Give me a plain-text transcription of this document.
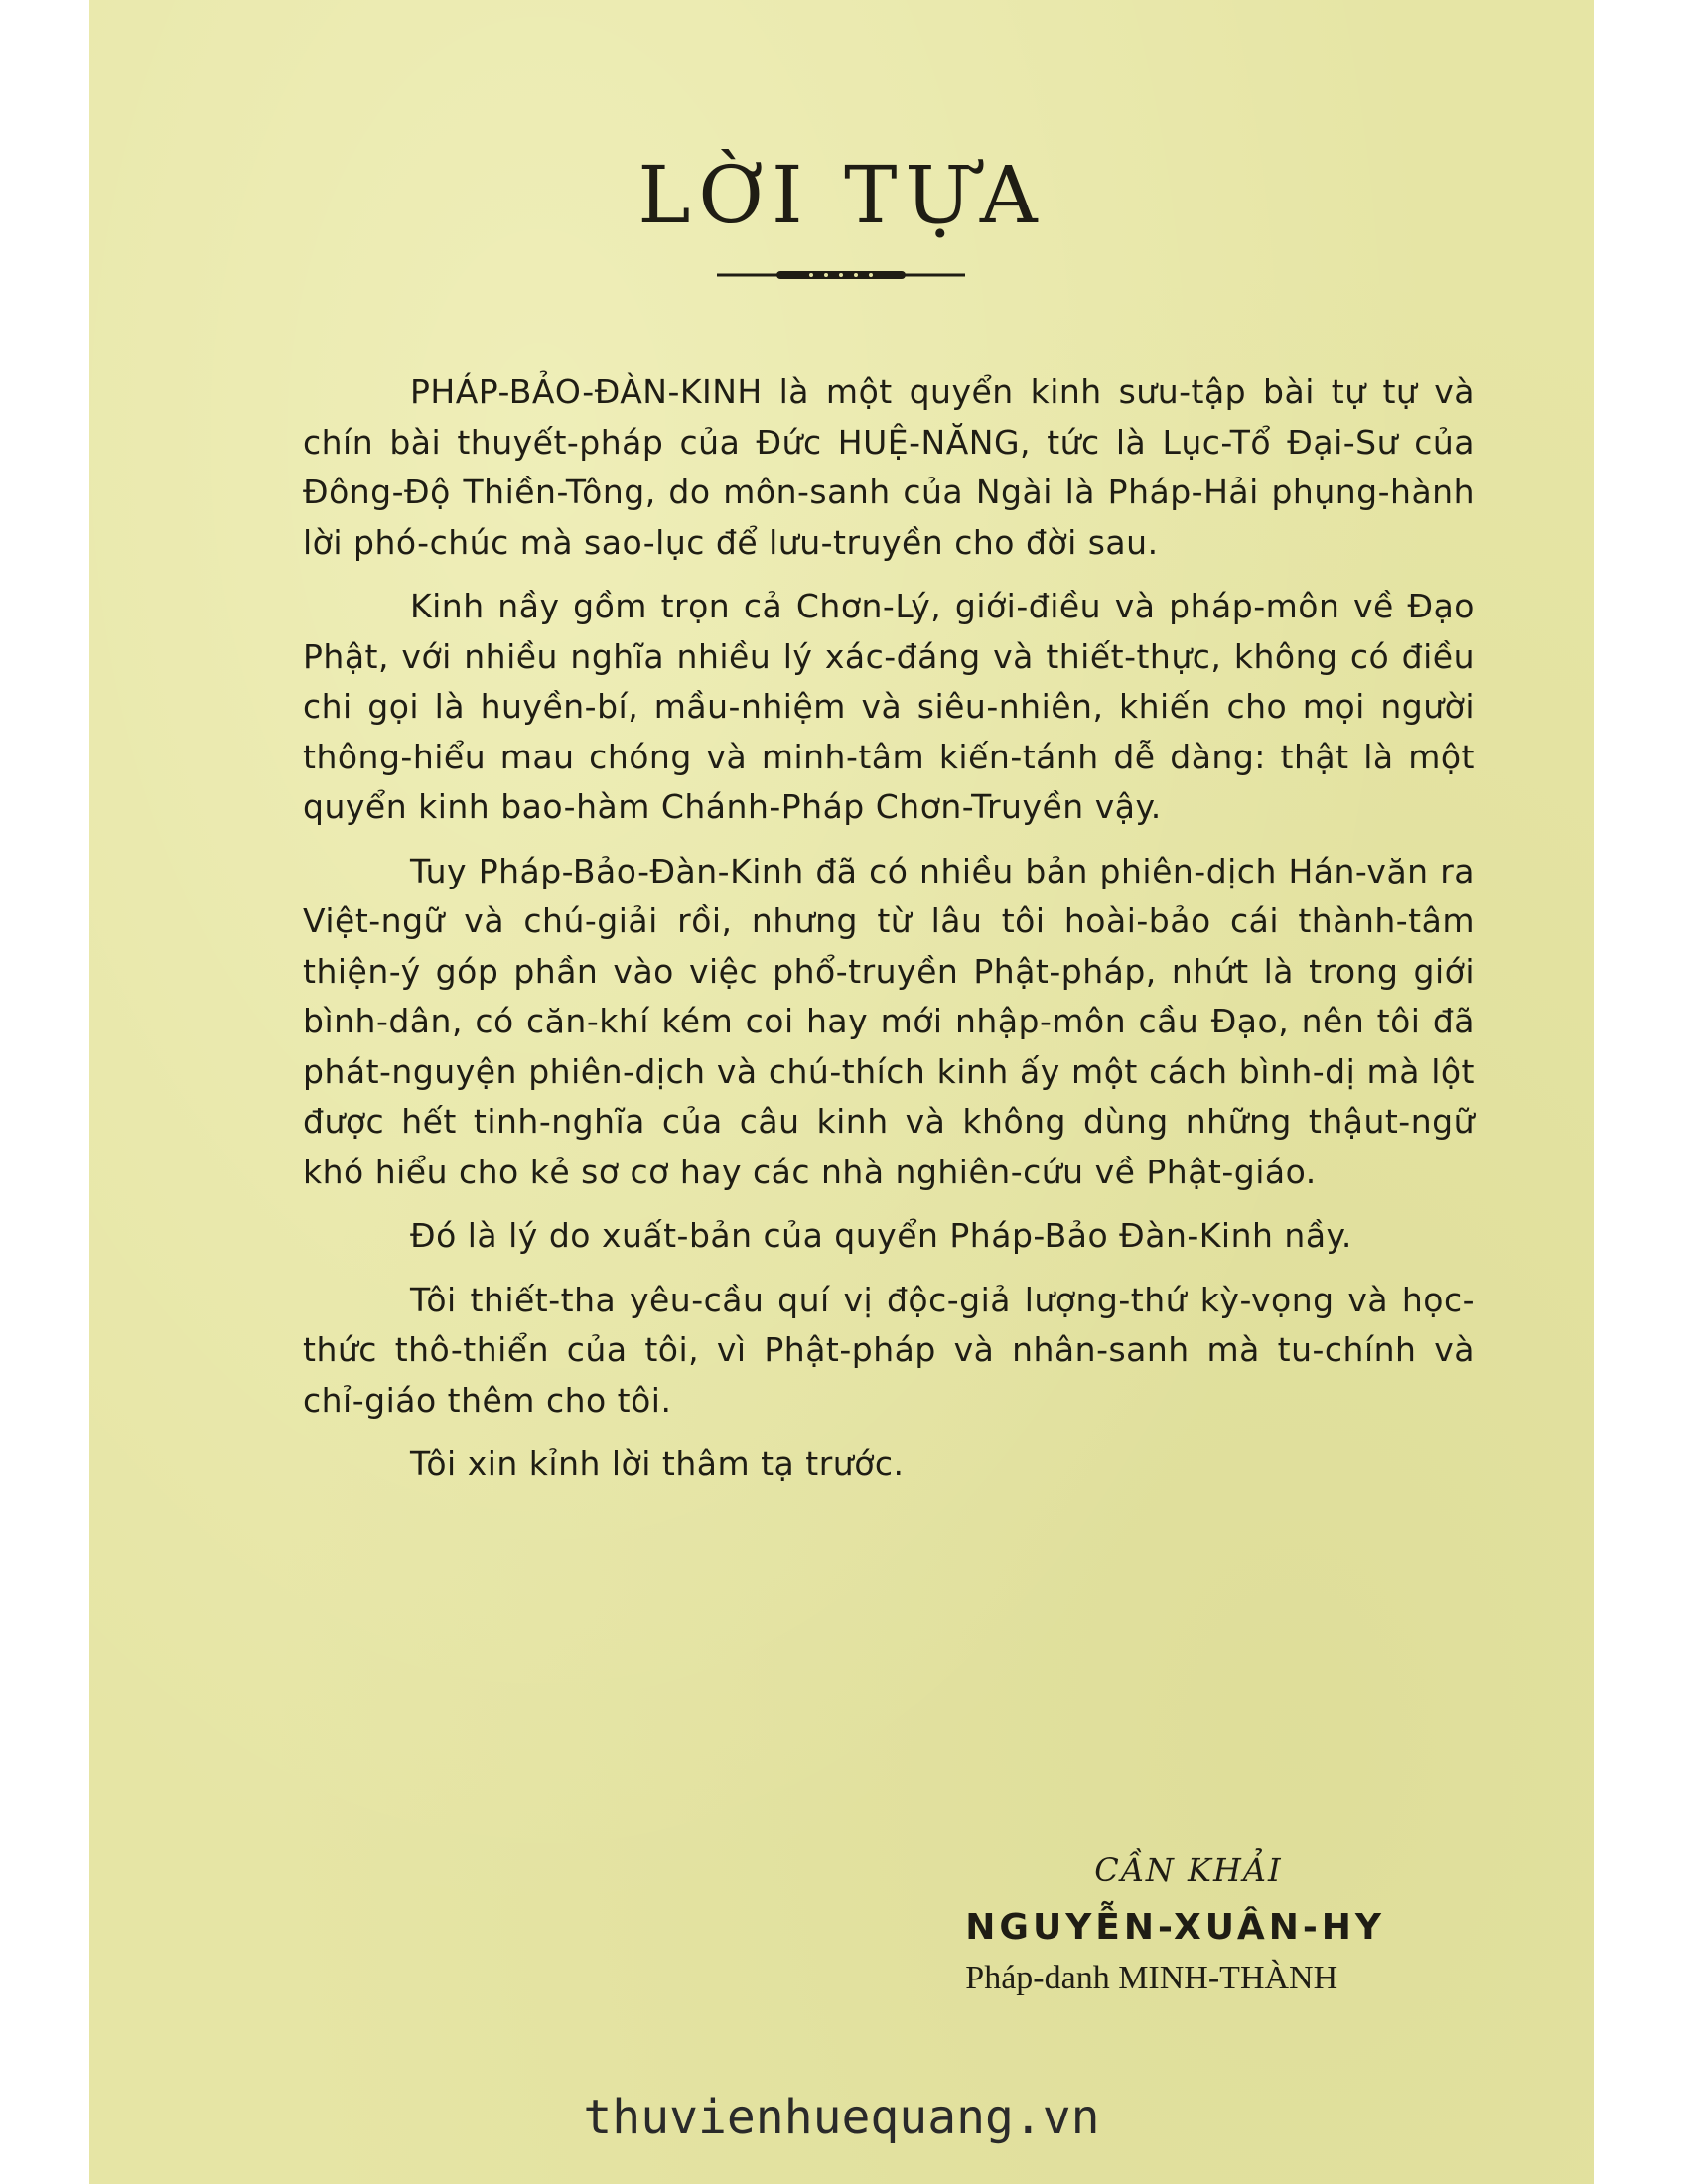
LỜI TỰA

PHÁP-BẢO-ĐÀN-KINH là một quyển kinh sưu-tập bài tự tự và chín bài thuyết-pháp của Đức HUỆ-NĂNG, tức là Lục-Tổ Đại-Sư của Đông-Độ Thiền-Tông, do môn-sanh của Ngài là Pháp-Hải phụng-hành lời phó-chúc mà sao-lục để lưu-truyền cho đời sau.

Kinh nầy gồm trọn cả Chơn-Lý, giới-điều và pháp-môn về Đạo Phật, với nhiều nghĩa nhiều lý xác-đáng và thiết-thực, không có điều chi gọi là huyền-bí, mầu-nhiệm và siêu-nhiên, khiến cho mọi người thông-hiểu mau chóng và minh-tâm kiến-tánh dễ dàng: thật là một quyển kinh bao-hàm Chánh-Pháp Chơn-Truyền vậy.

Tuy Pháp-Bảo-Đàn-Kinh đã có nhiều bản phiên-dịch Hán-văn ra Việt-ngữ và chú-giải rồi, nhưng từ lâu tôi hoài-bảo cái thành-tâm thiện-ý góp phần vào việc phổ-truyền Phật-pháp, nhứt là trong giới bình-dân, có căn-khí kém coi hay mới nhập-môn cầu Đạo, nên tôi đã phát-nguyện phiên-dịch và chú-thích kinh ấy một cách bình-dị mà lột được hết tinh-nghĩa của câu kinh và không dùng những thậut-ngữ khó hiểu cho kẻ sơ cơ hay các nhà nghiên-cứu về Phật-giáo.

Đó là lý do xuất-bản của quyển Pháp-Bảo Đàn-Kinh nầy.

Tôi thiết-tha yêu-cầu quí vị độc-giả lượng-thứ kỳ-vọng và học-thức thô-thiển của tôi, vì Phật-pháp và nhân-sanh mà tu-chính và chỉ-giáo thêm cho tôi.

Tôi xin kỉnh lời thâm tạ trước.

CẦN KHẢI

NGUYỄN-XUÂN-HY

Pháp-danh MINH-THÀNH

thuvienhuequang.vn
